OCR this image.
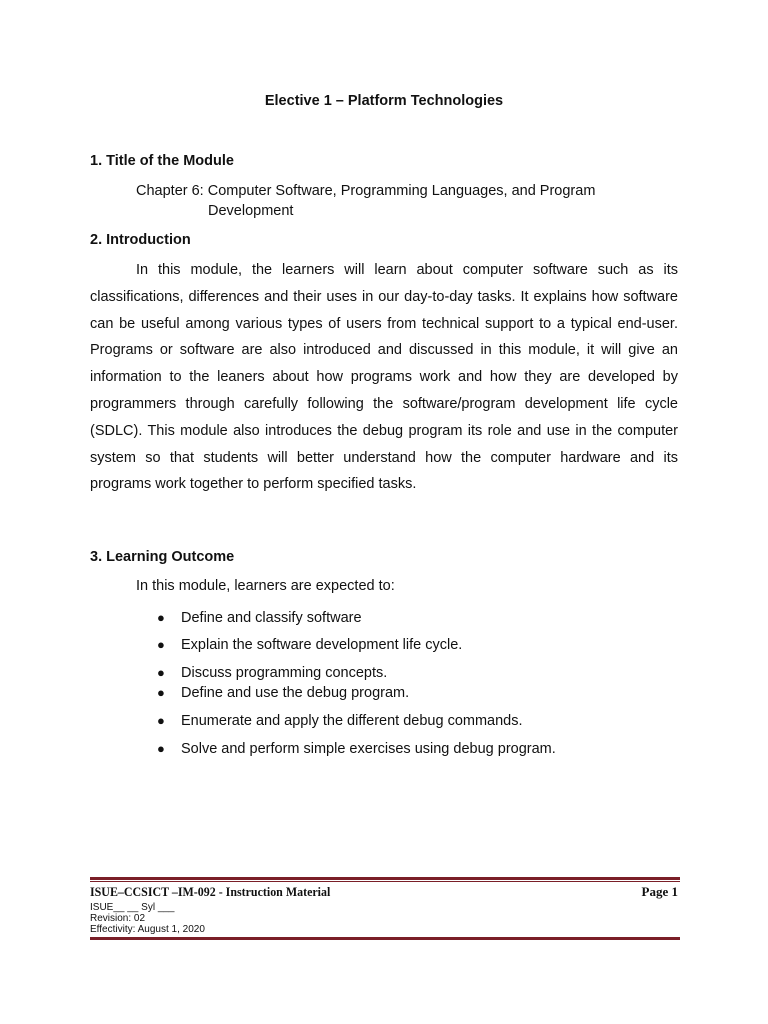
Elective 1 – Platform Technologies
1. Title of the Module
Chapter 6: Computer Software, Programming Languages, and Program
Development
2. Introduction

In this module, the learners will learn about computer software such as its classifications, differences and their uses in our day-to-day tasks. It explains how software can be useful among various types of users from technical support to a typical end-user. Programs or software are also introduced and discussed in this module, it will give an information to the leaners about how programs work and how they are developed by programmers through carefully following the software/program development life cycle (SDLC). This module also introduces the debug program its role and use in the computer system so that students will better understand how the computer hardware and its programs work together to perform specified tasks.

3. Learning Outcome
In this module, learners are expected to:
●	Define and classify software
●	Explain the software development life cycle.
●	Discuss programming concepts.
●	Define and use the debug program.
●	Enumerate and apply the different debug commands.
●	Solve and perform simple exercises using debug program.
ISUE–CCSICT –IM-092 - Instruction Material	Page 1
ISUE__ __ Syl ___
Revision: 02
Effectivity: August 1, 2020
